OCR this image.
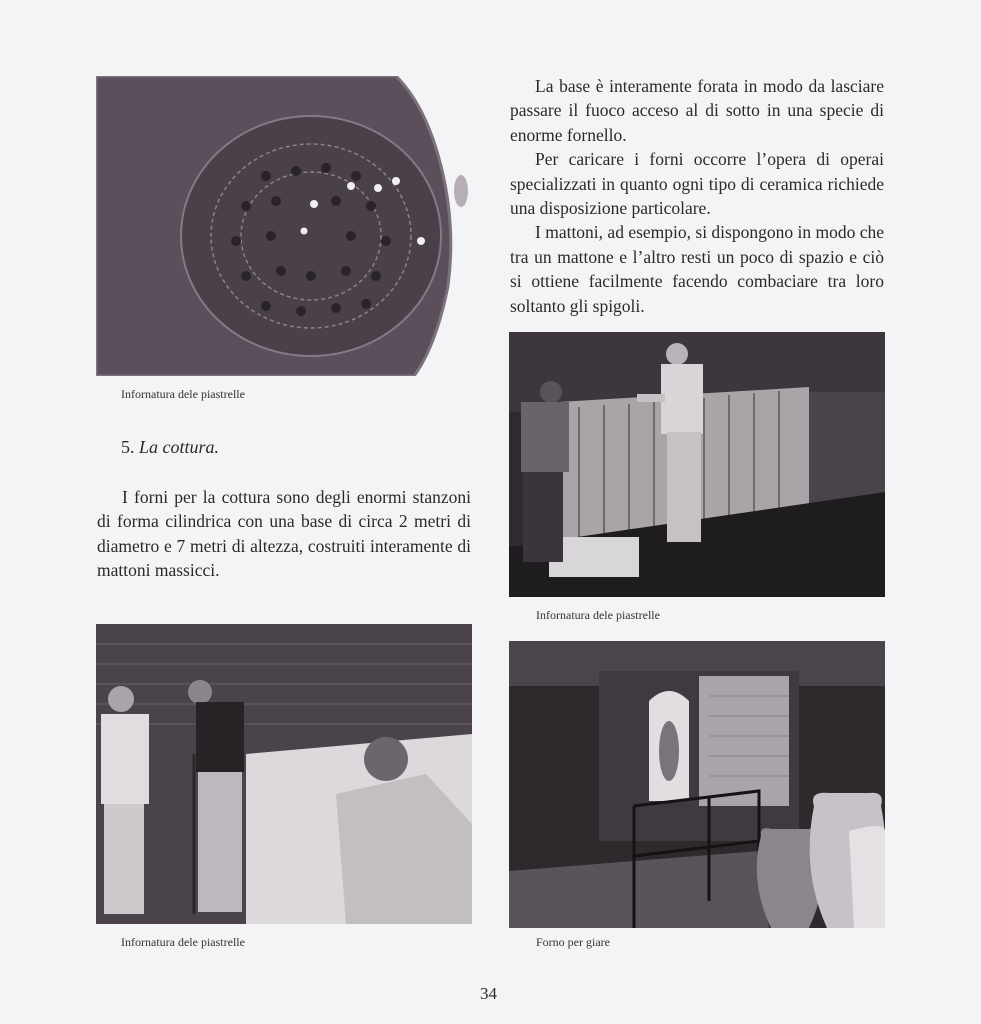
Infornatura dele piastrelle

La base è interamente forata in modo da lasciare passare il fuoco acceso al di sotto in una specie di enorme fornello.

Per caricare i forni occorre l’opera di operai specializzati in quanto ogni tipo di ceramica richiede una disposizione particolare.

I mattoni, ad esempio, si dispongono in modo che tra un mattone e l’altro resti un poco di spazio e ciò si ottiene facilmente facendo combaciare tra loro soltanto gli spigoli.

Infornatura dele piastrelle
5. La cottura.

I forni per la cottura sono degli enormi stanzoni di forma cilindrica con una base di circa 2 metri di diametro e 7 metri di altezza, costruiti interamente di mattoni massicci.

Infornatura dele piastrelle	Forno per giare
34
